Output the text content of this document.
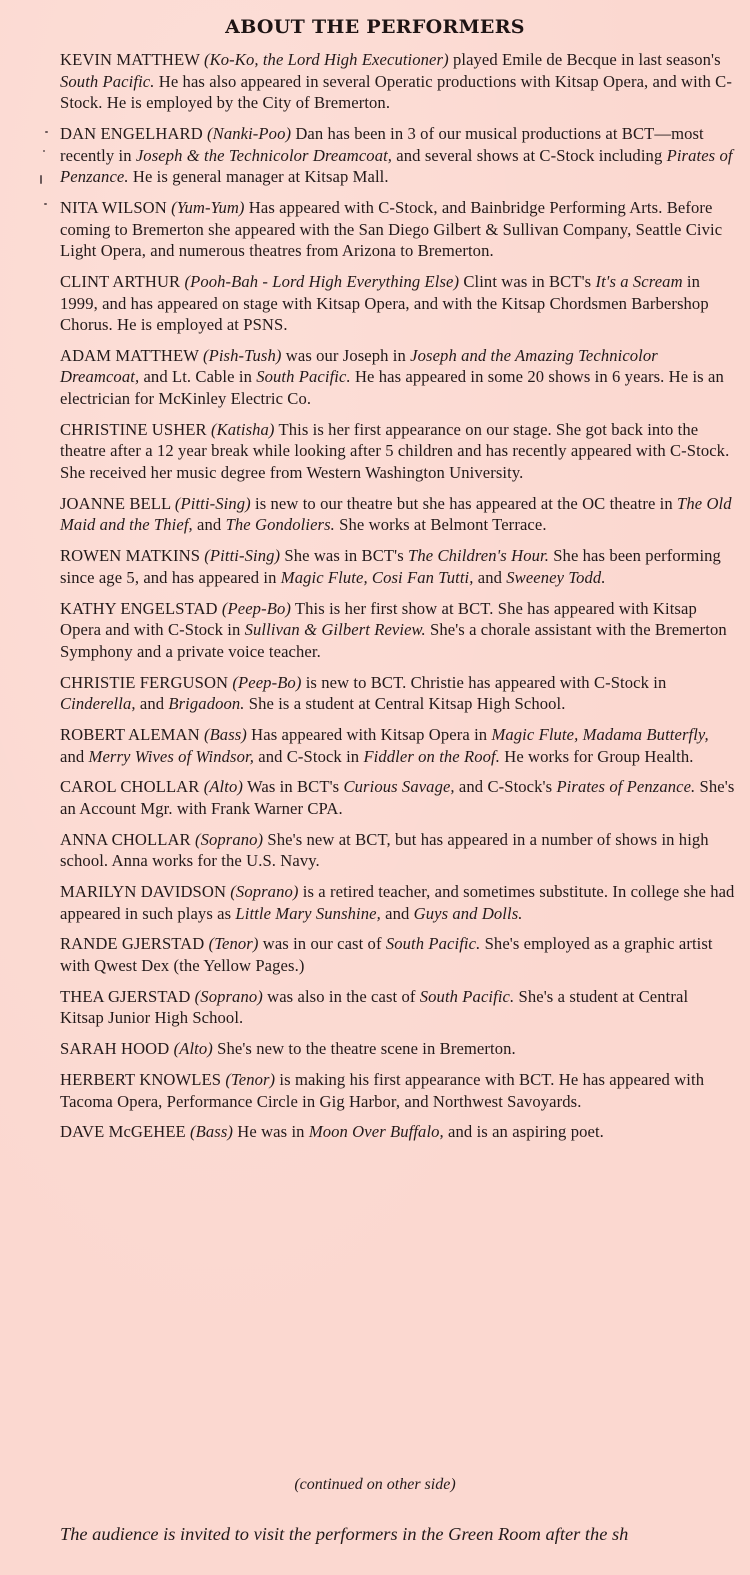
ABOUT THE PERFORMERS

KEVIN MATTHEW (Ko-Ko, the Lord High Executioner) played Emile de Becque in last season's South Pacific. He has also appeared in several Operatic productions with Kitsap Opera, and with C-Stock. He is employed by the City of Bremerton.

DAN ENGELHARD (Nanki-Poo) Dan has been in 3 of our musical productions at BCT—most recently in Joseph & the Technicolor Dreamcoat, and several shows at C-Stock including Pirates of Penzance. He is general manager at Kitsap Mall.

NITA WILSON (Yum-Yum) Has appeared with C-Stock, and Bainbridge Performing Arts. Before coming to Bremerton she appeared with the San Diego Gilbert & Sullivan Company, Seattle Civic Light Opera, and numerous theatres from Arizona to Bremerton.

CLINT ARTHUR (Pooh-Bah - Lord High Everything Else) Clint was in BCT's It's a Scream in 1999, and has appeared on stage with Kitsap Opera, and with the Kitsap Chordsmen Barbershop Chorus. He is employed at PSNS.

ADAM MATTHEW (Pish-Tush) was our Joseph in Joseph and the Amazing Technicolor Dreamcoat, and Lt. Cable in South Pacific. He has appeared in some 20 shows in 6 years. He is an electrician for McKinley Electric Co.

CHRISTINE USHER (Katisha) This is her first appearance on our stage. She got back into the theatre after a 12 year break while looking after 5 children and has recently appeared with C-Stock. She received her music degree from Western Washington University.

JOANNE BELL (Pitti-Sing) is new to our theatre but she has appeared at the OC theatre in The Old Maid and the Thief, and The Gondoliers. She works at Belmont Terrace.

ROWEN MATKINS (Pitti-Sing) She was in BCT's The Children's Hour. She has been performing since age 5, and has appeared in Magic Flute, Cosi Fan Tutti, and Sweeney Todd.

KATHY ENGELSTAD (Peep-Bo) This is her first show at BCT. She has appeared with Kitsap Opera and with C-Stock in Sullivan & Gilbert Review. She's a chorale assistant with the Bremerton Symphony and a private voice teacher.

CHRISTIE FERGUSON (Peep-Bo) is new to BCT. Christie has appeared with C-Stock in Cinderella, and Brigadoon. She is a student at Central Kitsap High School.

ROBERT ALEMAN (Bass) Has appeared with Kitsap Opera in Magic Flute, Madama Butterfly, and Merry Wives of Windsor, and C-Stock in Fiddler on the Roof. He works for Group Health.

CAROL CHOLLAR (Alto) Was in BCT's Curious Savage, and C-Stock's Pirates of Penzance. She's an Account Mgr. with Frank Warner CPA.

ANNA CHOLLAR (Soprano) She's new at BCT, but has appeared in a number of shows in high school. Anna works for the U.S. Navy.

MARILYN DAVIDSON (Soprano) is a retired teacher, and sometimes substitute. In college she had appeared in such plays as Little Mary Sunshine, and Guys and Dolls.

RANDE GJERSTAD (Tenor) was in our cast of South Pacific. She's employed as a graphic artist with Qwest Dex (the Yellow Pages.)

THEA GJERSTAD (Soprano) was also in the cast of South Pacific. She's a student at Central Kitsap Junior High School.

SARAH HOOD (Alto) She's new to the theatre scene in Bremerton.

HERBERT KNOWLES (Tenor) is making his first appearance with BCT. He has appeared with Tacoma Opera, Performance Circle in Gig Harbor, and Northwest Savoyards.

DAVE McGEHEE (Bass) He was in Moon Over Buffalo, and is an aspiring poet.

(continued on other side)
The audience is invited to visit the performers in the Green Room after the sh
